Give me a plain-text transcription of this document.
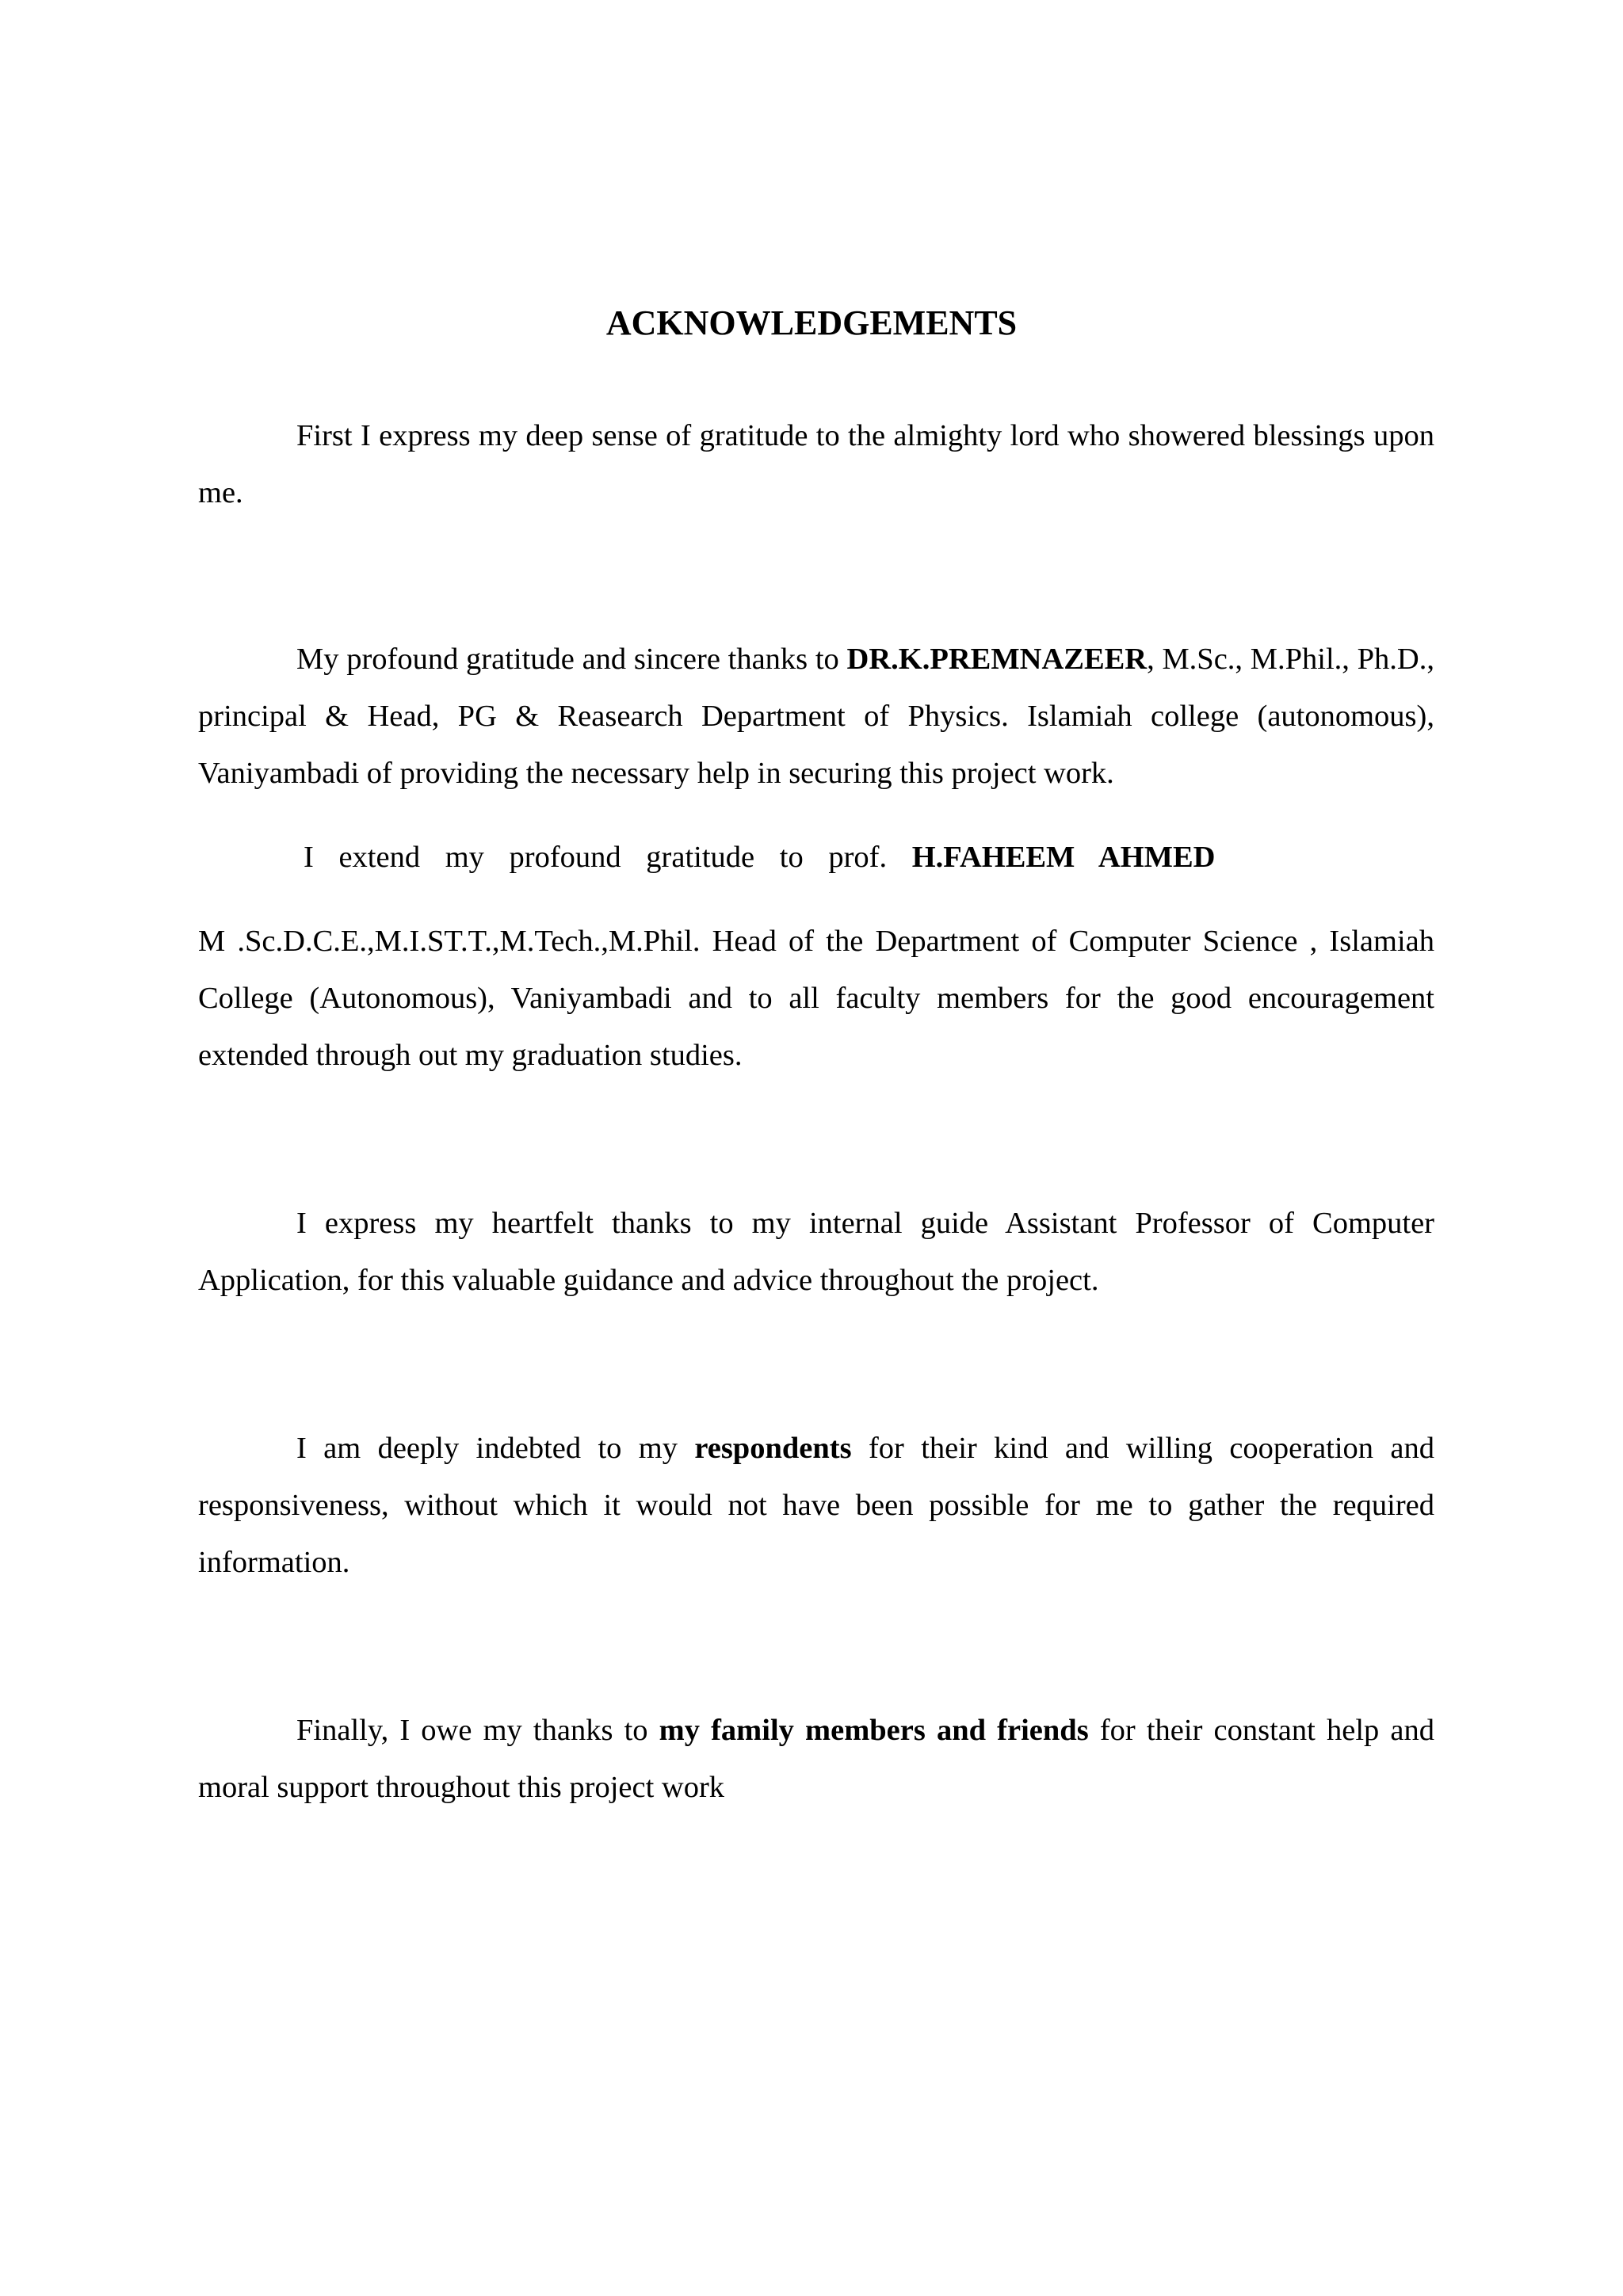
ACKNOWLEDGEMENTS

First I express my deep sense of gratitude to the almighty lord who showered blessings upon me.

My profound gratitude and sincere thanks to DR.K.PREMNAZEER, M.Sc., M.Phil., Ph.D., principal & Head, PG & Reasearch Department of Physics. Islamiah college (autonomous), Vaniyambadi of providing the necessary help in securing this project work.

I extend my profound gratitude to prof. H.FAHEEM AHMED

M .Sc.D.C.E.,M.I.ST.T.,M.Tech.,M.Phil. Head of the Department of Computer Science , Islamiah College (Autonomous), Vaniyambadi and to all faculty members for the good encouragement extended through out my graduation studies.

I express my heartfelt thanks to my internal guide Assistant Professor of Computer Application, for this valuable guidance and advice throughout the project.

I am deeply indebted to my respondents for their kind and willing cooperation and responsiveness, without which it would not have been possible for me to gather the required information.

Finally, I owe my thanks to my family members and friends for their constant help and moral support throughout this project work
